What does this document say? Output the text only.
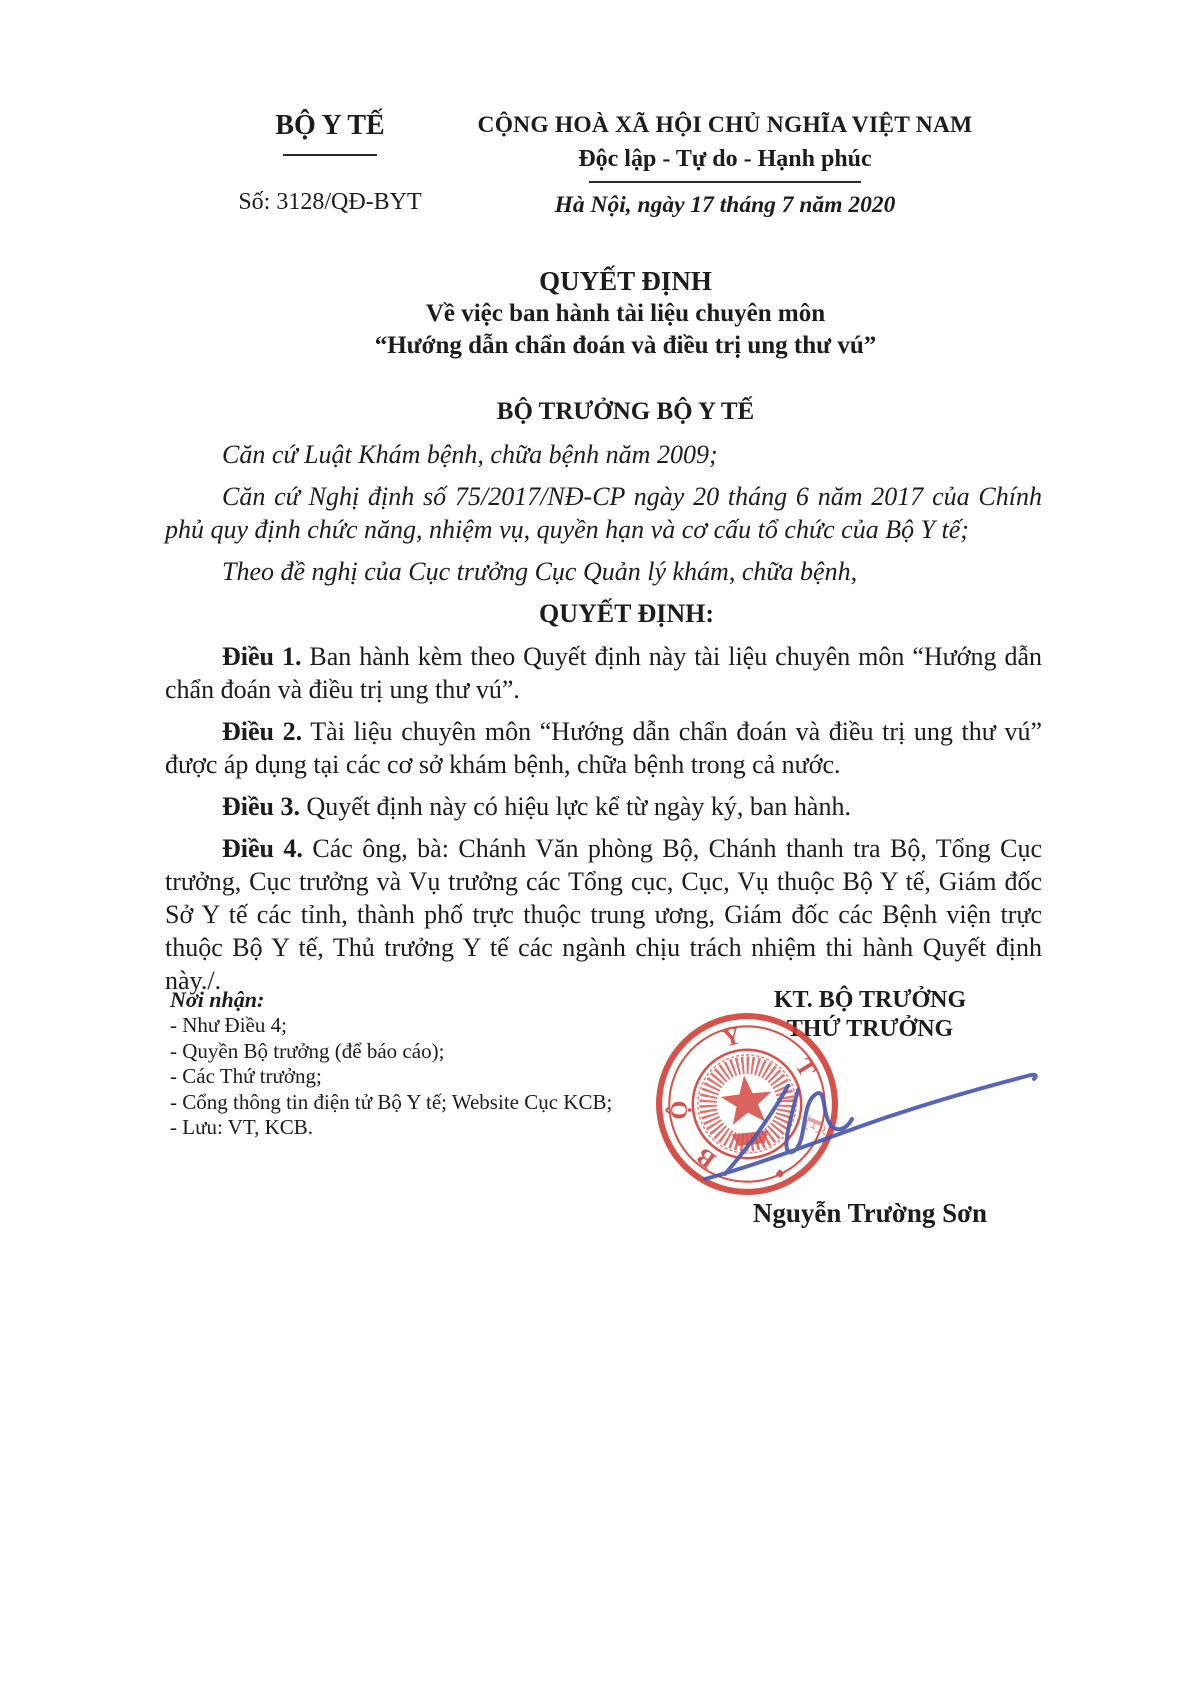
BỘ Y TẾ
Số: 3128/QĐ-BYT
CỘNG HOÀ XÃ HỘI CHỦ NGHĨA VIỆT NAM
Độc lập - Tự do - Hạnh phúc
Hà Nội, ngày 17 tháng 7 năm 2020
QUYẾT ĐỊNH
Về việc ban hành tài liệu chuyên môn
“Hướng dẫn chẩn đoán và điều trị ung thư vú”
BỘ TRƯỞNG BỘ Y TẾ

Căn cứ Luật Khám bệnh, chữa bệnh năm 2009;

Căn cứ Nghị định số 75/2017/NĐ-CP ngày 20 tháng 6 năm 2017 của Chính phủ quy định chức năng, nhiệm vụ, quyền hạn và cơ cấu tổ chức của Bộ Y tế;

Theo đề nghị của Cục trưởng Cục Quản lý khám, chữa bệnh,

QUYẾT ĐỊNH:

Điều 1. Ban hành kèm theo Quyết định này tài liệu chuyên môn “Hướng dẫn chẩn đoán và điều trị ung thư vú”.

Điều 2. Tài liệu chuyên môn “Hướng dẫn chẩn đoán và điều trị ung thư vú” được áp dụng tại các cơ sở khám bệnh, chữa bệnh trong cả nước.

Điều 3. Quyết định này có hiệu lực kể từ ngày ký, ban hành.

Điều 4. Các ông, bà: Chánh Văn phòng Bộ, Chánh thanh tra Bộ, Tổng Cục trưởng, Cục trưởng và Vụ trưởng các Tổng cục, Cục, Vụ thuộc Bộ Y tế, Giám đốc Sở Y tế các tỉnh, thành phố trực thuộc trung ương, Giám đốc các Bệnh viện trực thuộc Bộ Y tế, Thủ trưởng Y tế các ngành chịu trách nhiệm thi hành Quyết định này./.

Nơi nhận:
- Như Điều 4;
- Quyền Bộ trưởng (để báo cáo);
- Các Thứ trưởng;
- Cổng thông tin điện tử Bộ Y tế; Website Cục KCB;
- Lưu: VT, KCB.
KT. BỘ TRƯỞNG
THỨ TRƯỞNG
B
Ộ
Y
T
Ế
Nguyễn Trường Sơn
